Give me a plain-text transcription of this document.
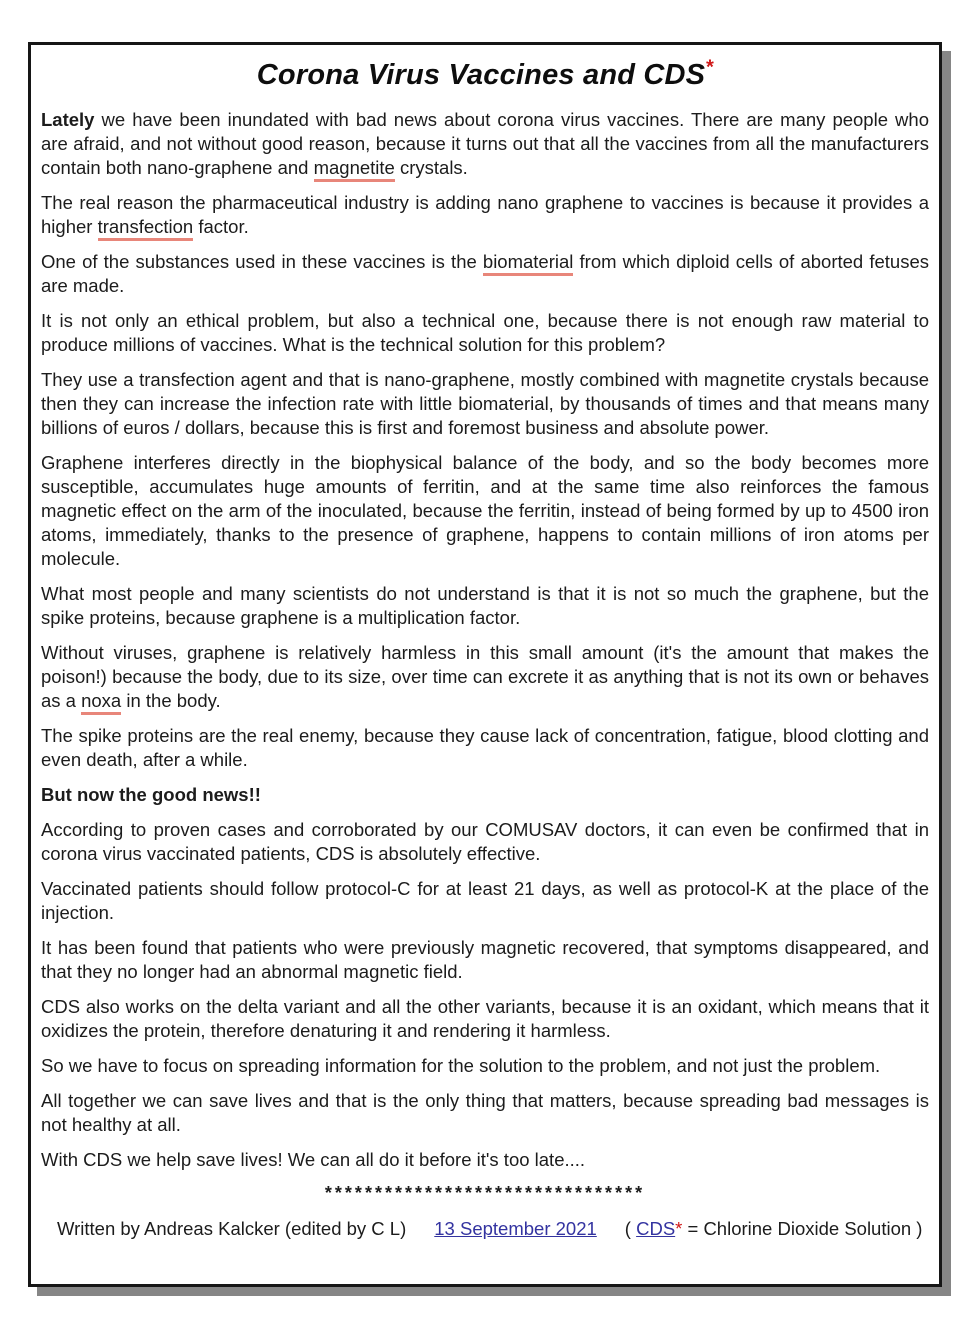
Corona Virus Vaccines and CDS*

Lately we have been inundated with bad news about corona virus vaccines. There are many people who are afraid, and not without good reason, because it turns out that all the vaccines from all the manufacturers contain both nano-graphene and magnetite crystals.

The real reason the pharmaceutical industry is adding nano graphene to vaccines is because it provides a higher transfection factor.

One of the substances used in these vaccines is the biomaterial from which diploid cells of aborted fetuses are made.

It is not only an ethical problem, but also a technical one, because there is not enough raw material to produce millions of vaccines. What is the technical solution for this problem?

They use a transfection agent and that is nano-graphene, mostly combined with magnetite crystals because then they can increase the infection rate with little biomaterial, by thousands of times and that means many billions of euros / dollars, because this is first and foremost business and absolute power.

Graphene interferes directly in the biophysical balance of the body, and so the body becomes more susceptible, accumulates huge amounts of ferritin, and at the same time also reinforces the famous magnetic effect on the arm of the inoculated, because the ferritin, instead of being formed by up to 4500 iron atoms, immediately, thanks to the presence of graphene, happens to contain millions of iron atoms per molecule.

What most people and many scientists do not understand is that it is not so much the graphene, but the spike proteins, because graphene is a multiplication factor.

Without viruses, graphene is relatively harmless in this small amount (it's the amount that makes the poison!) because the body, due to its size, over time can excrete it as anything that is not its own or behaves as a noxa in the body.

The spike proteins are the real enemy, because they cause lack of concentration, fatigue, blood clotting and even death, after a while.

But now the good news!!

According to proven cases and corroborated by our COMUSAV doctors, it can even be confirmed that in corona virus vaccinated patients, CDS is absolutely effective.

Vaccinated patients should follow protocol-C for at least 21 days, as well as protocol-K at the place of the injection.

It has been found that patients who were previously magnetic recovered, that symptoms disappeared, and that they no longer had an abnormal magnetic field.

CDS also works on the delta variant and all the other variants, because it is an oxidant, which means that it oxidizes the protein, therefore denaturing it and rendering it harmless.

So we have to focus on spreading information for the solution to the problem, and not just the problem.

All together we can save lives and that is the only thing that matters, because spreading bad messages is not healthy at all.

With CDS we help save lives! We can all do it before it's too late....

********************************
Written by Andreas Kalcker (edited by C L) 13 September 2021 ( CDS* = Chlorine Dioxide Solution )
